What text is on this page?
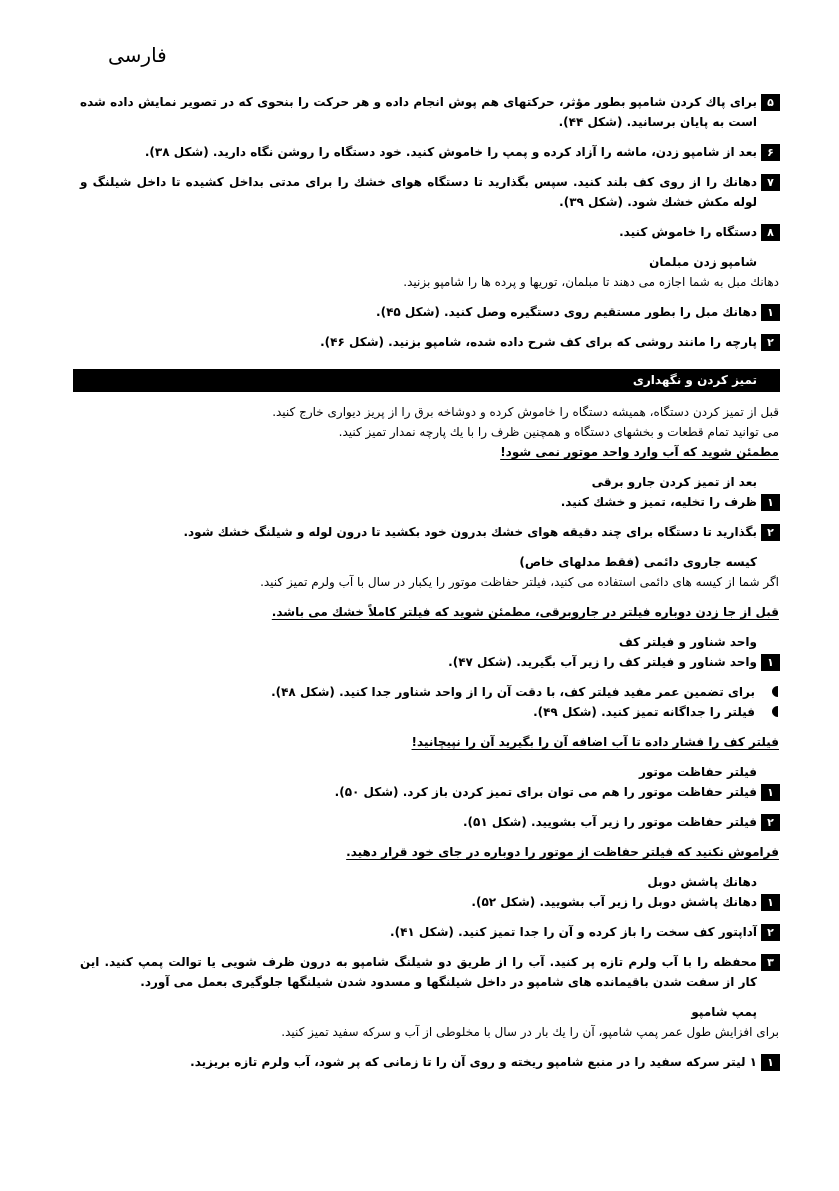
فارسی
۵
برای پاك كردن شامپو بطور مؤثر، حركتهای هم پوش انجام داده و هر حركت را بنحوی كه در تصوير نمايش داده شده است به پايان برسانيد. (شكل ۴۴).
۶
بعد از شامپو زدن، ماشه را آزاد كرده و پمپ را خاموش كنيد. خود دستگاه را روشن نگاه داريد. (شكل ۳۸).
۷
دهانك را از روی كف بلند كنيد. سپس بگذاريد تا دستگاه هوای خشك را برای مدتی بداخل كشيده تا داخل شيلنگ و لوله مكش خشك شود. (شكل ۳۹).
۸
دستگاه را خاموش كنيد.
شامپو زدن مبلمان
دهانك مبل به شما اجازه می دهند تا مبلمان، توريها و پرده ها را شامپو بزنيد.
۱
دهانك مبل را بطور مستقيم روی دستگيره وصل كنيد. (شكل ۴۵).
۲
پارچه را مانند روشی كه برای كف شرح داده شده، شامپو بزنيد. (شكل ۴۶).
تميز كردن و نگهداری
قبل از تميز كردن دستگاه، هميشه دستگاه را خاموش كرده و دوشاخه برق را از پريز ديواری خارج كنيد.
می توانيد تمام قطعات و بخشهای دستگاه و همچنين ظرف را با يك پارچه نمدار تميز كنيد.
مطمئن شويد كه آب وارد واحد موتور نمی شود!
بعد از تميز كردن جارو برقی
۱
ظرف را تخليه، تميز و خشك كنيد.
۲
بگذاريد تا دستگاه برای چند دقيقه هوای خشك بدرون خود بكشيد تا درون لوله و شيلنگ خشك شود.
كيسه جاروی دائمی (فقط مدلهای خاص)
اگر شما از كيسه های دائمی استفاده می كنيد، فيلتر حفاظت موتور را يكبار در سال با آب ولرم تميز كنيد.
قبل از جا زدن دوباره فيلتر در جاروبرقی، مطمئن شويد كه فيلتر كاملاً خشك می باشد.
واحد شناور و فيلتر كف
۱
واحد شناور و فيلتر كف را زير آب بگيريد. (شكل ۴۷).
برای تضمين عمر مفيد فيلتر كف، با دقت آن را از واحد شناور جدا كنيد. (شكل ۴۸).
فيلتر را جداگانه تميز كنيد. (شكل ۴۹).
فيلتر كف را فشار داده تا آب اضافه آن را بگيريد آن را نپيچانيد!
فيلتر حفاظت موتور
۱
فيلتر حفاظت موتور را هم می توان برای تميز كردن باز كرد. (شكل ۵۰).
۲
فيلتر حفاظت موتور را زير آب بشوييد. (شكل ۵۱).
فراموش نكنيد كه فيلتر حفاظت از موتور را دوباره در جای خود قرار دهيد.
دهانك پاشش دوبل
۱
دهانك پاشش دوبل را زير آب بشوييد. (شكل ۵۲).
۲
آداپتور كف سخت را باز كرده و آن را جدا تميز كنيد. (شكل ۴۱).
۳
محفظه را با آب ولرم تازه پر كنيد. آب را از طريق دو شيلنگ شامپو به درون ظرف شويی يا توالت پمپ كنيد. اين كار از سفت شدن باقيمانده های شامپو در داخل شيلنگها و مسدود شدن شيلنگها جلوگيری بعمل می آورد.
پمپ شامپو
برای افزايش طول عمر پمپ شامپو، آن را يك بار در سال با مخلوطی از آب و سركه سفيد تميز كنيد.
۱
۱ ليتر سركه سفيد را در منبع شامپو ريخته و روی آن را تا زمانی كه پر شود، آب ولرم تازه بريزيد.
